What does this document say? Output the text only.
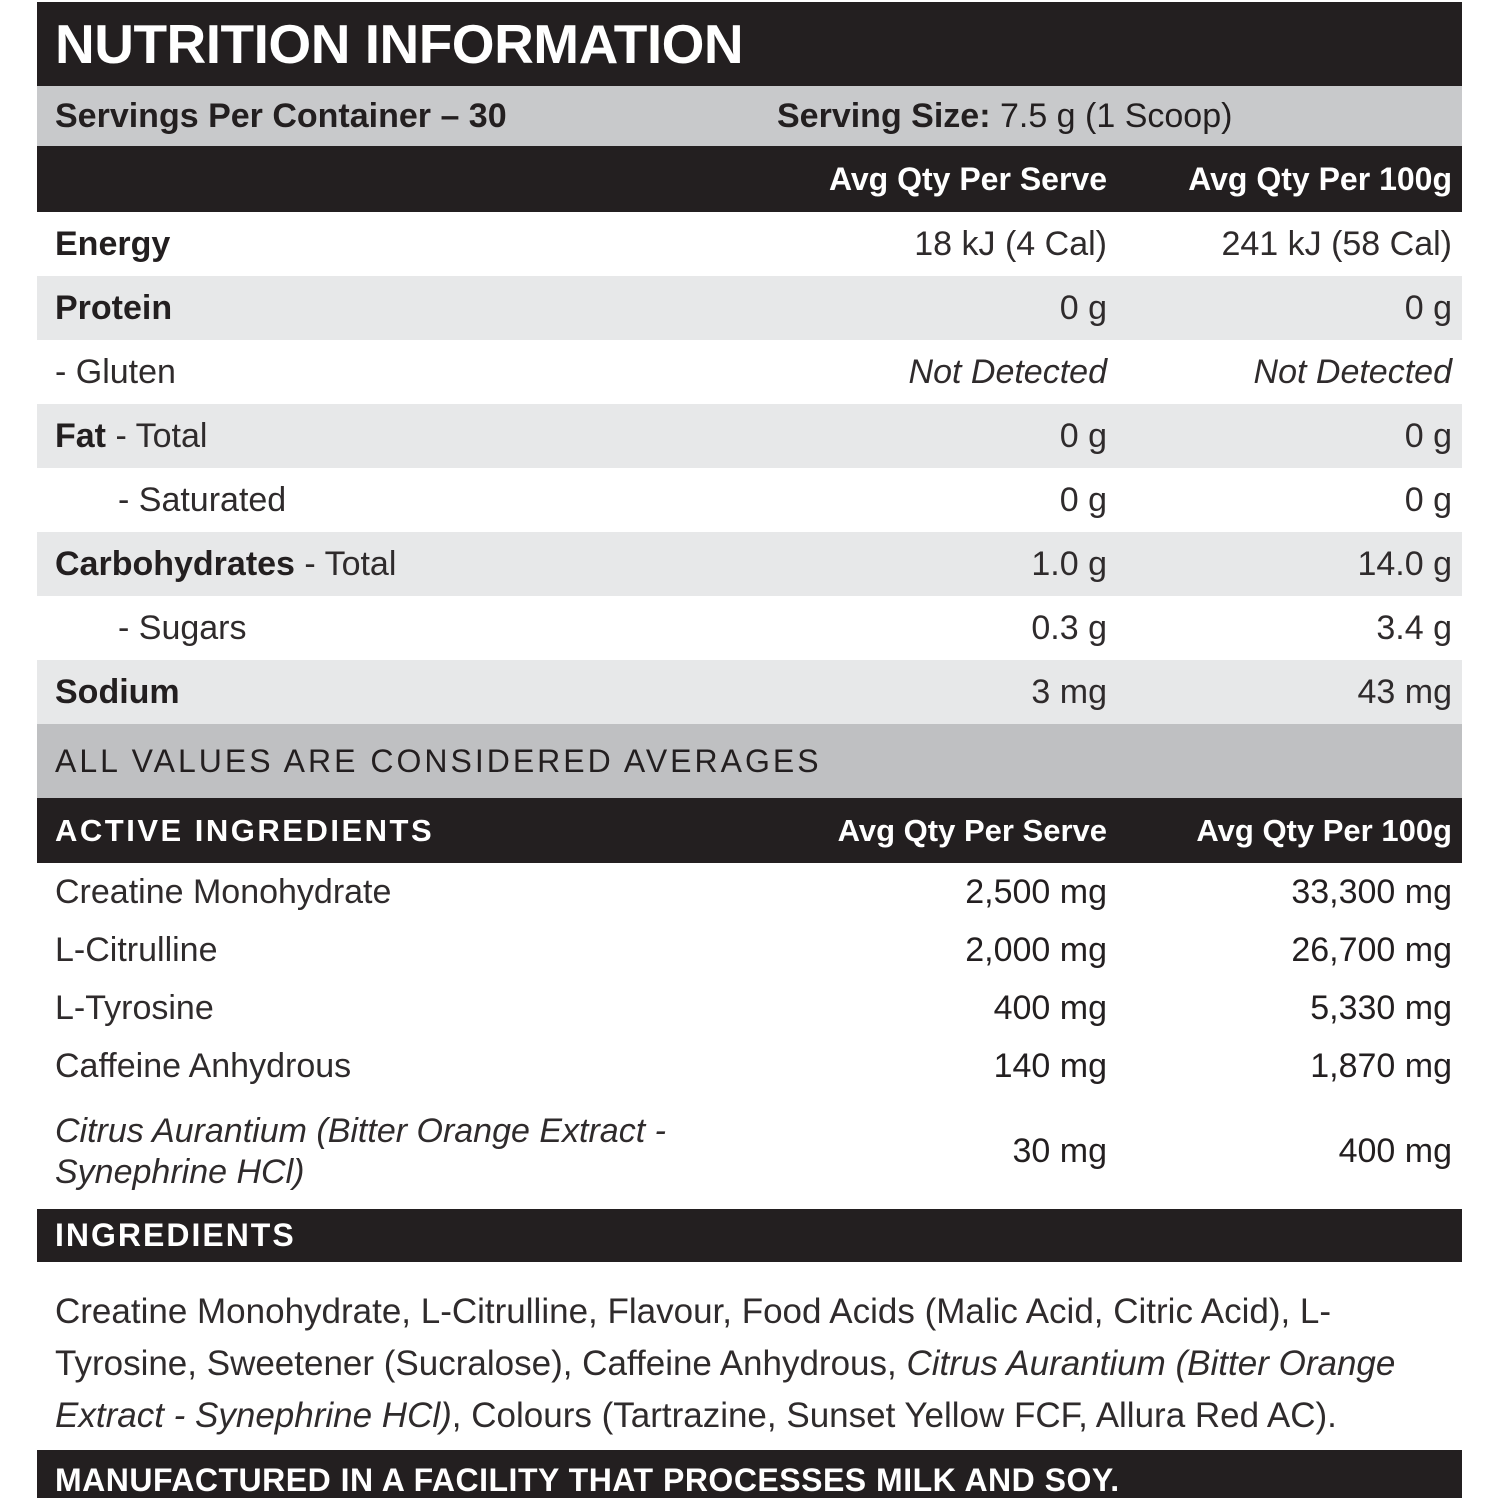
NUTRITION INFORMATION
Servings Per Container – 30	Serving Size: 7.5 g (1 Scoop)
Avg Qty Per Serve	Avg Qty Per 100g
Energy	18 kJ (4 Cal)	241 kJ (58 Cal)
Protein	0 g	0 g
- Gluten	Not Detected	Not Detected
Fat - Total	0 g	0 g
- Saturated	0 g	0 g
Carbohydrates - Total	1.0 g	14.0 g
- Sugars	0.3 g	3.4 g
Sodium	3 mg	43 mg
ALL VALUES ARE CONSIDERED AVERAGES
ACTIVE INGREDIENTS	Avg Qty Per Serve	Avg Qty Per 100g
Creatine Monohydrate	2,500 mg	33,300 mg
L-Citrulline	2,000 mg	26,700 mg
L-Tyrosine	400 mg	5,330 mg
Caffeine Anhydrous	140 mg	1,870 mg
Citrus Aurantium (Bitter Orange Extract - Synephrine HCl)
30 mg	400 mg
INGREDIENTS

Creatine Monohydrate, L-Citrulline, Flavour, Food Acids (Malic Acid, Citric Acid), L-Tyrosine, Sweetener (Sucralose), Caffeine Anhydrous, Citrus Aurantium (Bitter Orange Extract - Synephrine HCl), Colours (Tartrazine, Sunset Yellow FCF, Allura Red AC).

MANUFACTURED IN A FACILITY THAT PROCESSES MILK AND SOY.
